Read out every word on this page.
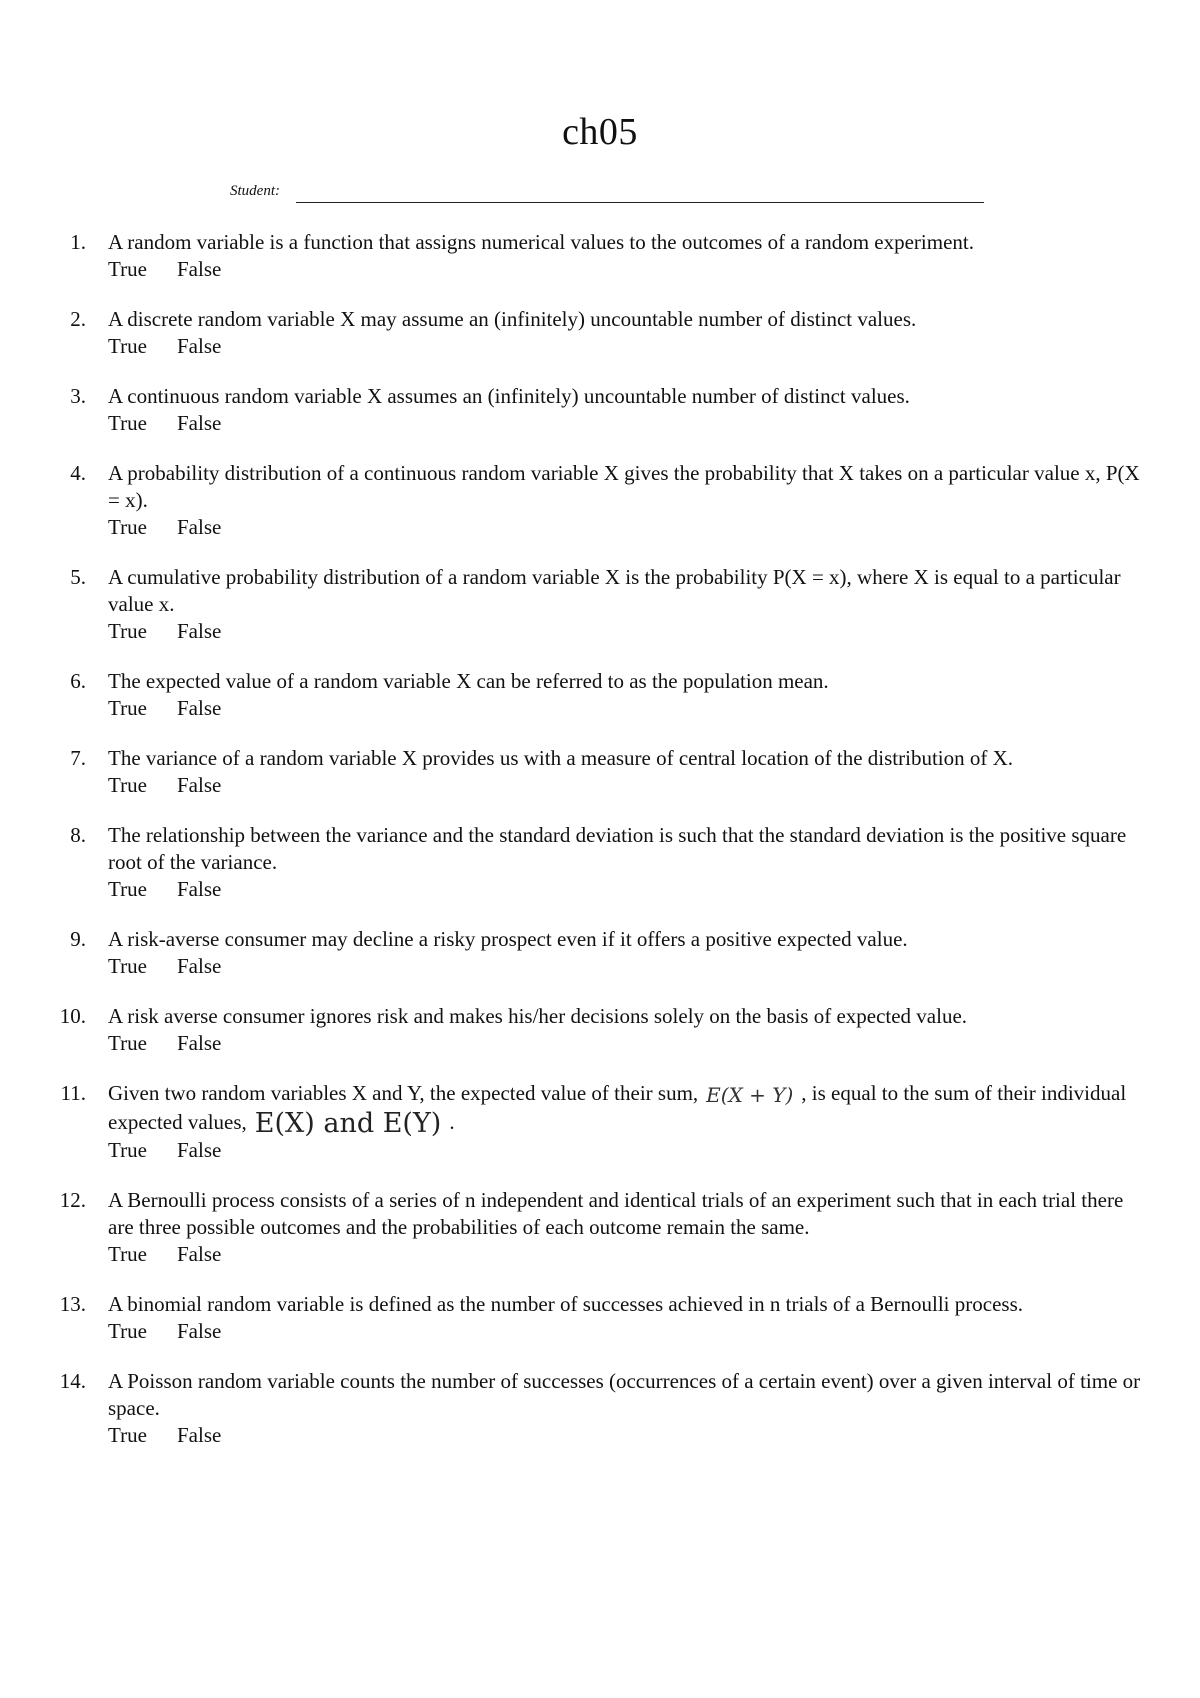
ch05
Student:
1. A random variable is a function that assigns numerical values to the outcomes of a random experiment.
True False
2. A discrete random variable X may assume an (infinitely) uncountable number of distinct values.
True False
3. A continuous random variable X assumes an (infinitely) uncountable number of distinct values.
True False
4. A probability distribution of a continuous random variable X gives the probability that X takes on a particular value x, P(X = x).
True False
5. A cumulative probability distribution of a random variable X is the probability P(X = x), where X is equal to a particular value x.
True False
6. The expected value of a random variable X can be referred to as the population mean.
True False
7. The variance of a random variable X provides us with a measure of central location of the distribution of X.
True False
8. The relationship between the variance and the standard deviation is such that the standard deviation is the positive square root of the variance.
True False
9. A risk-averse consumer may decline a risky prospect even if it offers a positive expected value.
True False
10. A risk averse consumer ignores risk and makes his/her decisions solely on the basis of expected value.
True False
11. Given two random variables X and Y, the expected value of their sum, E(X + Y) , is equal to the sum of their individual expected values, E(X) and E(Y) .
True False
12. A Bernoulli process consists of a series of n independent and identical trials of an experiment such that in each trial there are three possible outcomes and the probabilities of each outcome remain the same.
True False
13. A binomial random variable is defined as the number of successes achieved in n trials of a Bernoulli process.
True False
14. A Poisson random variable counts the number of successes (occurrences of a certain event) over a given interval of time or space.
True False
